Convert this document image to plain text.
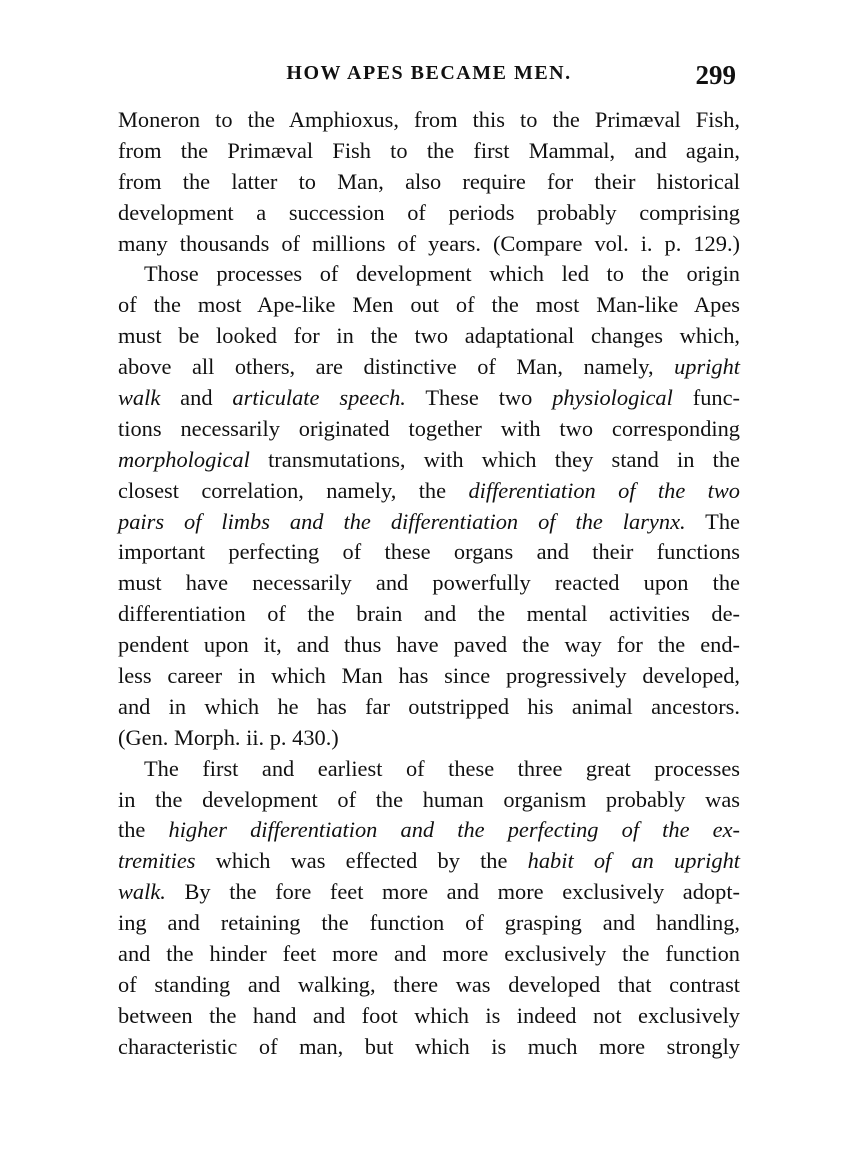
HOW APES BECAME MEN.	299
Moneron to the Amphioxus, from this to the Primæval Fish,
from the Primæval Fish to the first Mammal, and again,
from the latter to Man, also require for their historical
development a succession of periods probably comprising
many thousands of millions of years. (Compare vol. i. p. 129.)
Those processes of development which led to the origin
of the most Ape-like Men out of the most Man-like Apes
must be looked for in the two adaptational changes which,
above all others, are distinctive of Man, namely, upright
walk and articulate speech. These two physiological func-
tions necessarily originated together with two corresponding
morphological transmutations, with which they stand in the
closest correlation, namely, the differentiation of the two
pairs of limbs and the differentiation of the larynx. The
important perfecting of these organs and their functions
must have necessarily and powerfully reacted upon the
differentiation of the brain and the mental activities de-
pendent upon it, and thus have paved the way for the end-
less career in which Man has since progressively developed,
and in which he has far outstripped his animal ancestors.
(Gen. Morph. ii. p. 430.)
The first and earliest of these three great processes
in the development of the human organism probably was
the higher differentiation and the perfecting of the ex-
tremities which was effected by the habit of an upright
walk. By the fore feet more and more exclusively adopt-
ing and retaining the function of grasping and handling,
and the hinder feet more and more exclusively the function
of standing and walking, there was developed that contrast
between the hand and foot which is indeed not exclusively
characteristic of man, but which is much more strongly
